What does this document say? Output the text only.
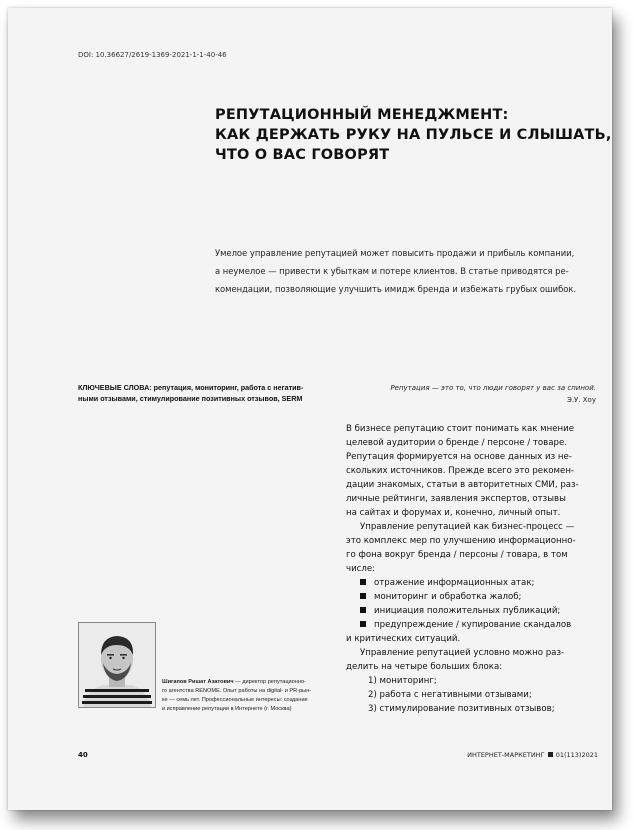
DOI: 10.36627/2619-1369-2021-1-1-40-46
РЕПУТАЦИОННЫЙ МЕНЕДЖМЕНТ:
КАК ДЕРЖАТЬ РУКУ НА ПУЛЬСЕ И СЛЫШАТЬ,
ЧТО О ВАС ГОВОРЯТ
Умелое управление репутацией может повысить продажи и прибыль компании,
а неумелое — привести к убыткам и потере клиентов. В статье приводятся ре-
комендации, позволяющие улучшить имидж бренда и избежать грубых ошибок.
КЛЮЧЕВЫЕ СЛОВА: репутация, мониторинг, работа с негатив-
ными отзывами, стимулирование позитивных отзывов, SERM
Репутация — это то, что люди говорят у вас за спиной.
Э.У. Хоу
В бизнесе репутацию стоит понимать как мнение
целевой аудитории о бренде / персоне / товаре.
Репутация формируется на основе данных из не-
скольких источников. Прежде всего это рекомен-
дации знакомых, статьи в авторитетных СМИ, раз-
личные рейтинги, заявления экспертов, отзывы
на сайтах и форумах и, конечно, личный опыт.
Управление репутацией как бизнес-процесс —
это комплекс мер по улучшению информационно-
го фона вокруг бренда / персоны / товара, в том
числе:
отражение информационных атак;
мониторинг и обработка жалоб;
инициация положительных публикаций;
предупреждение / купирование скандалов
и критических ситуаций.
Управление репутацией условно можно раз-
делить на четыре больших блока:
1) мониторинг;
2) работа с негативными отзывами;
3) стимулирование позитивных отзывов;
Шигапов Ришат Азатович — директор репутационно-
го агентства RENOME. Опыт работы на digital- и PR-рын-
ке — семь лет. Профессиональные интересы: создание
и исправление репутации в Интернете (г. Москва)
40	ИНТЕРНЕТ-МАРКЕТИНГ 01(113)2021
